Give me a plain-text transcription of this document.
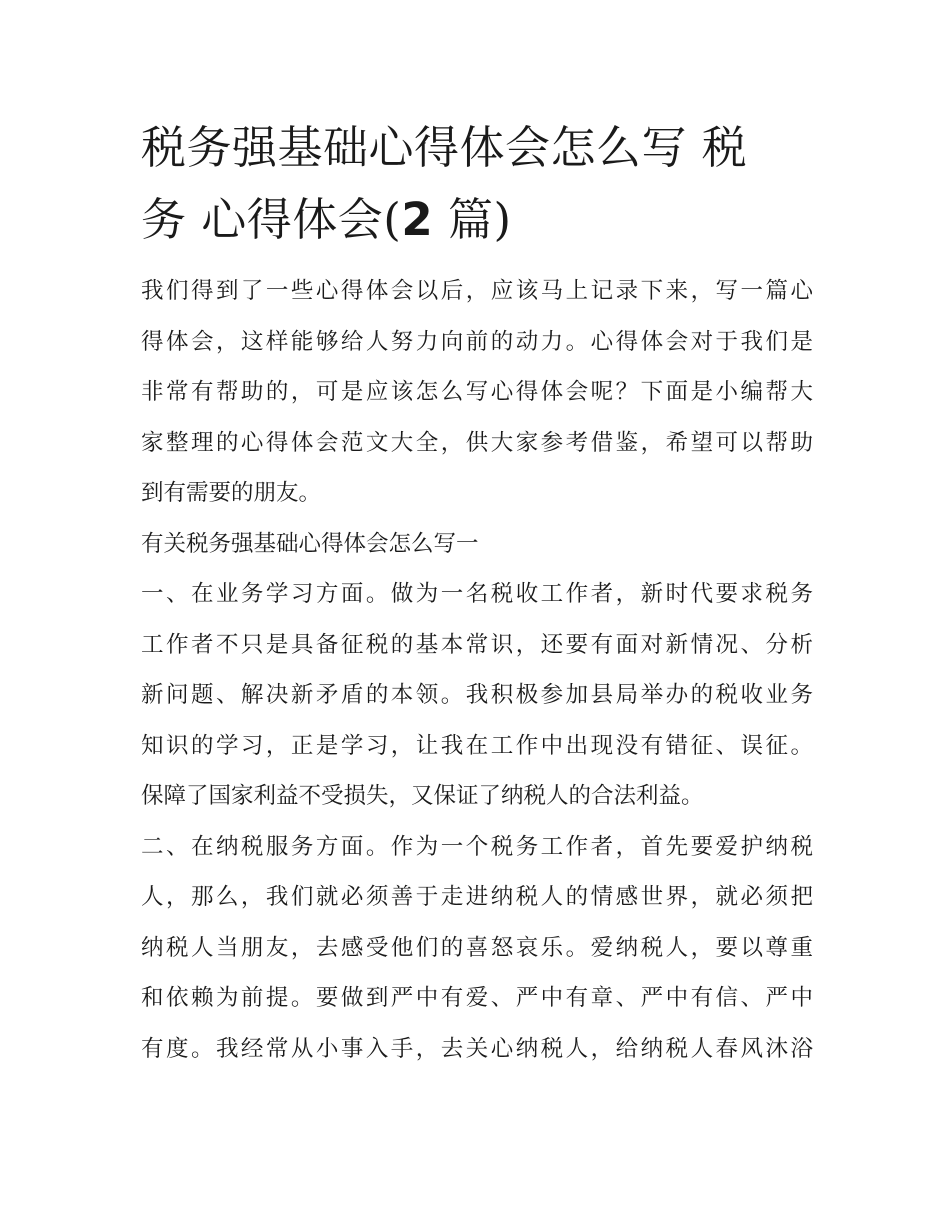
税务强基础心得体会怎么写 税
务 心得体会(2 篇)

我们得到了一些心得体会以后，应该马上记录下来，写一篇心
得体会，这样能够给人努力向前的动力。心得体会对于我们是
非常有帮助的，可是应该怎么写心得体会呢？下面是小编帮大
家整理的心得体会范文大全，供大家参考借鉴，希望可以帮助
到有需要的朋友。

有关税务强基础心得体会怎么写一

一、在业务学习方面。做为一名税收工作者，新时代要求税务
工作者不只是具备征税的基本常识，还要有面对新情况、分析
新问题、解决新矛盾的本领。我积极参加县局举办的税收业务
知识的学习，正是学习，让我在工作中出现没有错征、误征。
保障了国家利益不受损失，又保证了纳税人的合法利益。

二、在纳税服务方面。作为一个税务工作者，首先要爱护纳税
人，那么，我们就必须善于走进纳税人的情感世界，就必须把
纳税人当朋友，去感受他们的喜怒哀乐。爱纳税人，要以尊重
和依赖为前提。要做到严中有爱、严中有章、严中有信、严中
有度。我经常从小事入手，去关心纳税人，给纳税人春风沐浴
